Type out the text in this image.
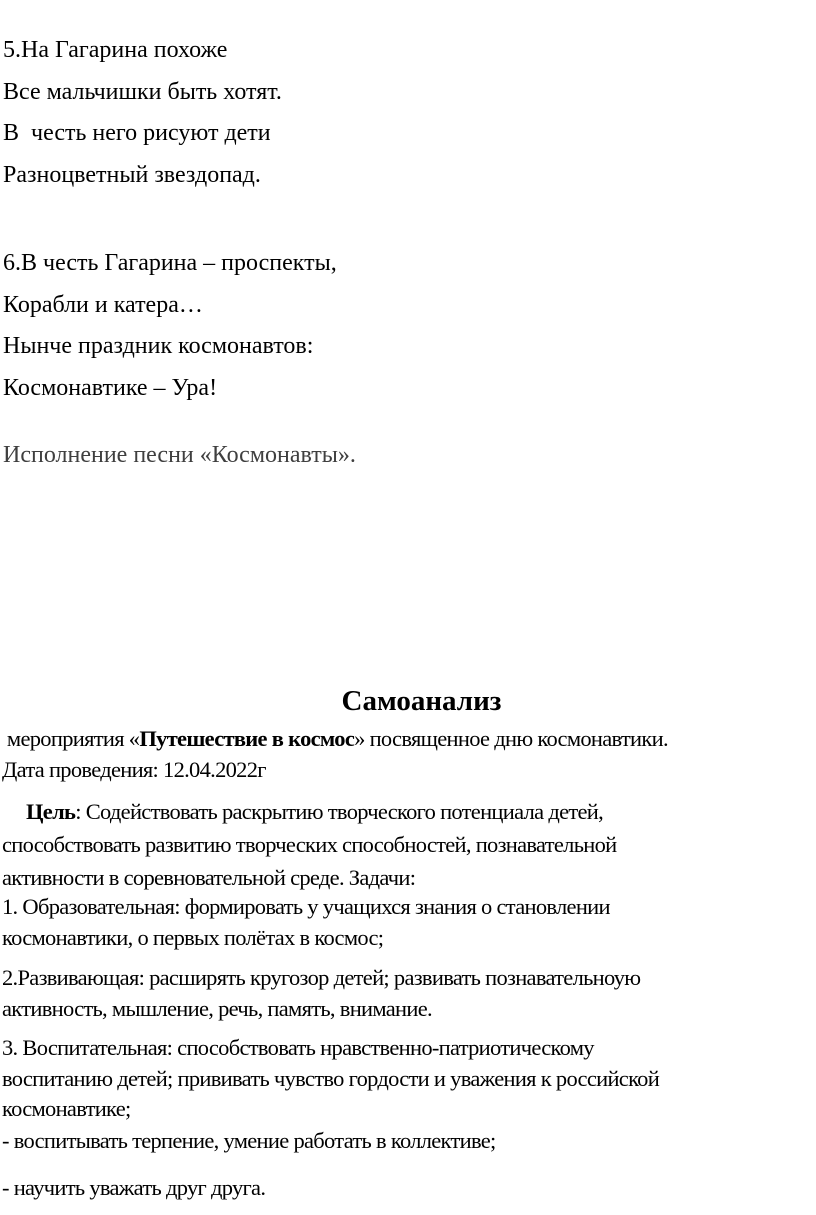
5.На Гагарина похоже
Все мальчишки быть хотят.
В  честь него рисуют дети
Разноцветный звездопад.
6.В честь Гагарина – проспекты,
Корабли и катера…
Нынче праздник космонавтов:
Космонавтике – Ура!
Исполнение песни «Космонавты».
Самоанализ
мероприятия «Путешествие в космос» посвященное дню космонавтики.
Дата проведения: 12.04.2022г
Цель: Содействовать раскрытию творческого потенциала детей,
способствовать развитию творческих способностей, познавательной
активности в соревновательной среде. Задачи:
1. Образовательная: формировать у учащихся знания о становлении
космонавтики, о первых полётах в космос;
2.Развивающая: расширять кругозор детей; развивать познавательноую
активность, мышление, речь, память, внимание.
3. Воспитательная: способствовать нравственно-патриотическому
воспитанию детей; прививать чувство гордости и уважения к российской
космонавтике;
- воспитывать терпение, умение работать в коллективе;
- научить уважать друг друга.
